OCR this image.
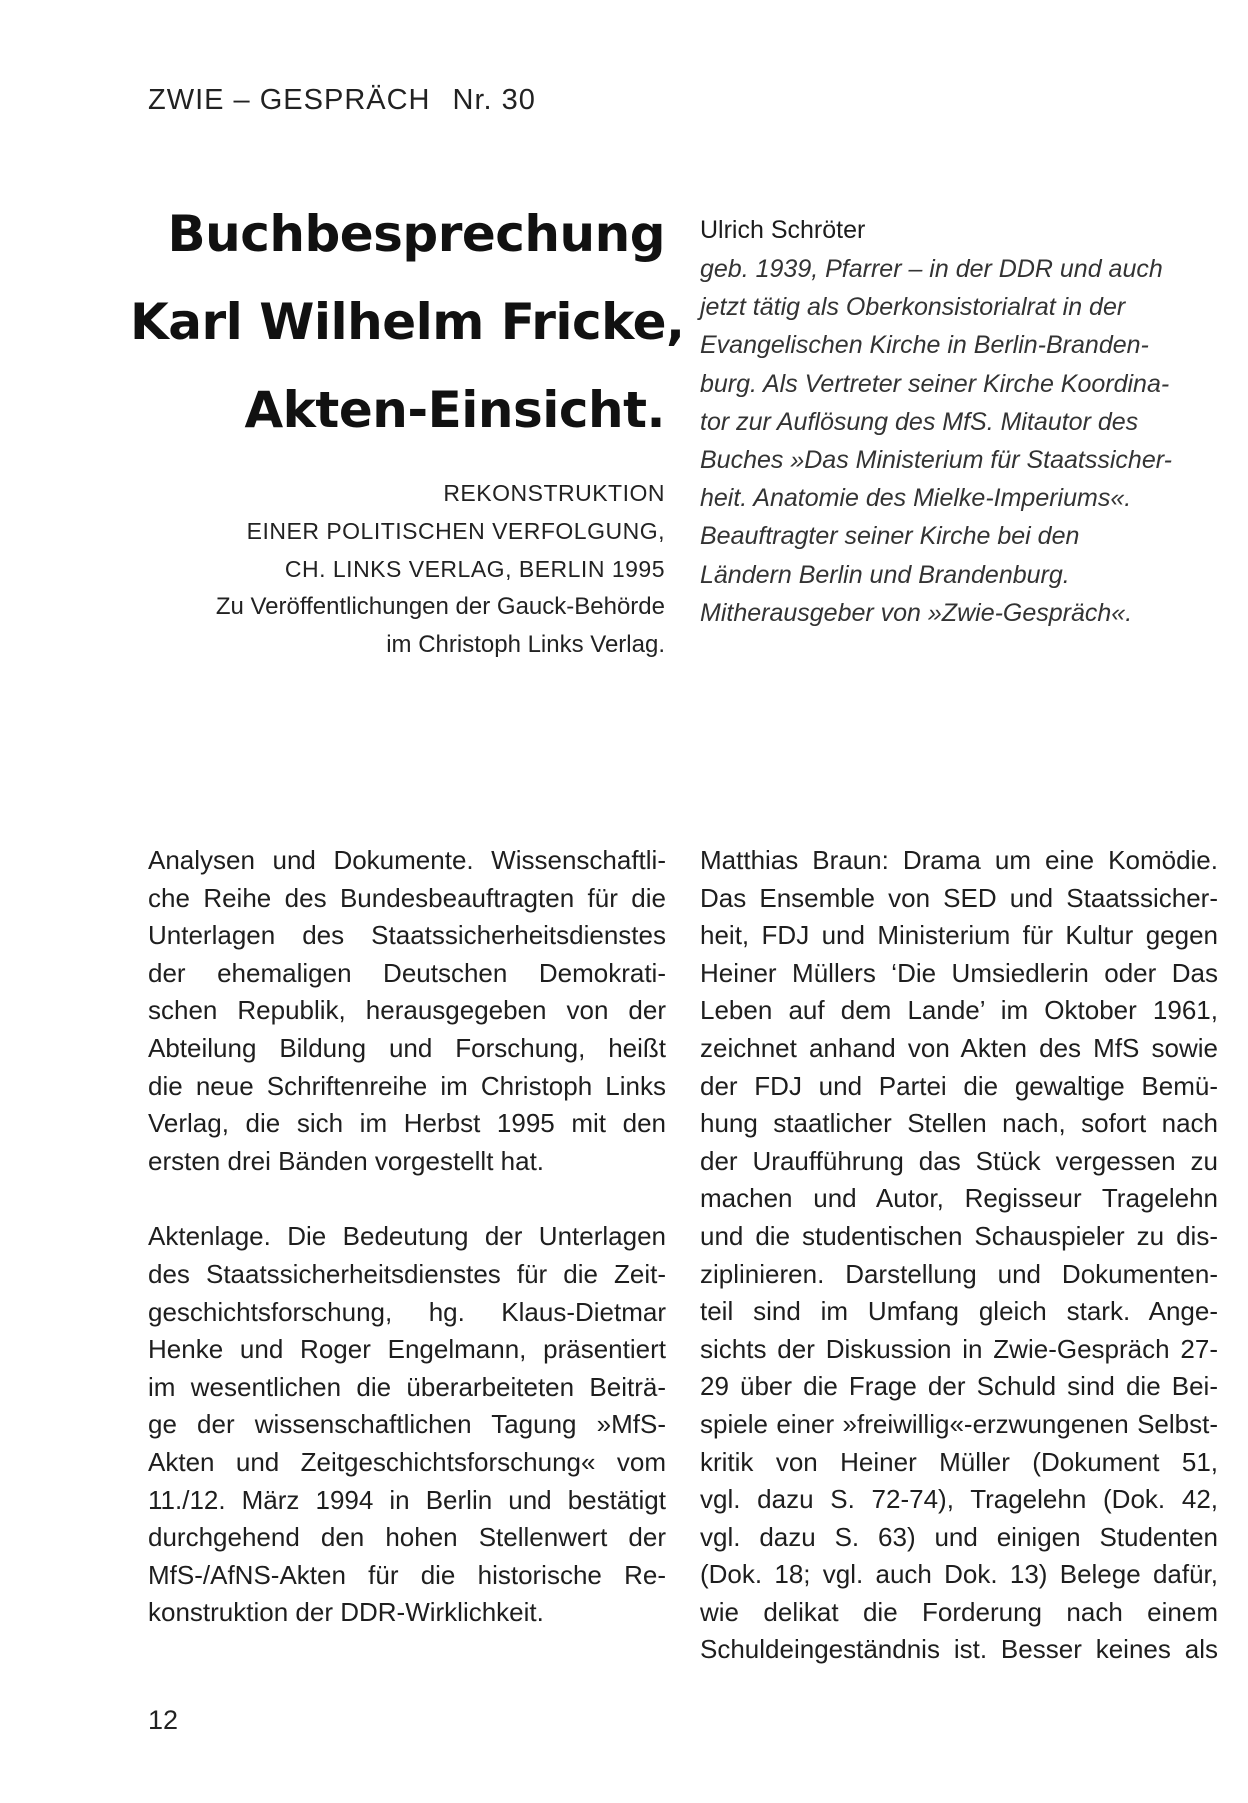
ZWIE – GESPRÄCH Nr. 30
Buchbesprechung
Karl Wilhelm Fricke,
Akten-Einsicht.
REKONSTRUKTION
EINER POLITISCHEN VERFOLGUNG,
CH. LINKS VERLAG, BERLIN 1995
Zu Veröffentlichungen der Gauck-Behörde
im Christoph Links Verlag.
Ulrich Schröter
geb. 1939, Pfarrer – in der DDR und auch
jetzt tätig als Oberkonsistorialrat in der
Evangelischen Kirche in Berlin-Branden-
burg. Als Vertreter seiner Kirche Koordina-
tor zur Auflösung des MfS. Mitautor des
Buches »Das Ministerium für Staatssicher-
heit. Anatomie des Mielke-Imperiums«.
Beauftragter seiner Kirche bei den
Ländern Berlin und Brandenburg.
Mitherausgeber von »Zwie-Gespräch«.
Analysen und Dokumente. Wissenschaftli-
che Reihe des Bundesbeauftragten für die
Unterlagen des Staatssicherheitsdienstes
der ehemaligen Deutschen Demokrati-
schen Republik, herausgegeben von der
Abteilung Bildung und Forschung, heißt
die neue Schriftenreihe im Christoph Links
Verlag, die sich im Herbst 1995 mit den
ersten drei Bänden vorgestellt hat.
Aktenlage. Die Bedeutung der Unterlagen
des Staatssicherheitsdienstes für die Zeit-
geschichtsforschung, hg. Klaus-Dietmar
Henke und Roger Engelmann, präsentiert
im wesentlichen die überarbeiteten Beiträ-
ge der wissenschaftlichen Tagung »MfS-
Akten und Zeitgeschichtsforschung« vom
11./12. März 1994 in Berlin und bestätigt
durchgehend den hohen Stellenwert der
MfS-/AfNS-Akten für die historische Re-
konstruktion der DDR-Wirklichkeit.
Matthias Braun: Drama um eine Komödie.
Das Ensemble von SED und Staatssicher-
heit, FDJ und Ministerium für Kultur gegen
Heiner Müllers ‘Die Umsiedlerin oder Das
Leben auf dem Lande’ im Oktober 1961,
zeichnet anhand von Akten des MfS sowie
der FDJ und Partei die gewaltige Bemü-
hung staatlicher Stellen nach, sofort nach
der Uraufführung das Stück vergessen zu
machen und Autor, Regisseur Tragelehn
und die studentischen Schauspieler zu dis-
ziplinieren. Darstellung und Dokumenten-
teil sind im Umfang gleich stark. Ange-
sichts der Diskussion in Zwie-Gespräch 27-
29 über die Frage der Schuld sind die Bei-
spiele einer »freiwillig«-erzwungenen Selbst-
kritik von Heiner Müller (Dokument 51,
vgl. dazu S. 72-74), Tragelehn (Dok. 42,
vgl. dazu S. 63) und einigen Studenten
(Dok. 18; vgl. auch Dok. 13) Belege dafür,
wie delikat die Forderung nach einem
Schuldeingeständnis ist. Besser keines als
12
